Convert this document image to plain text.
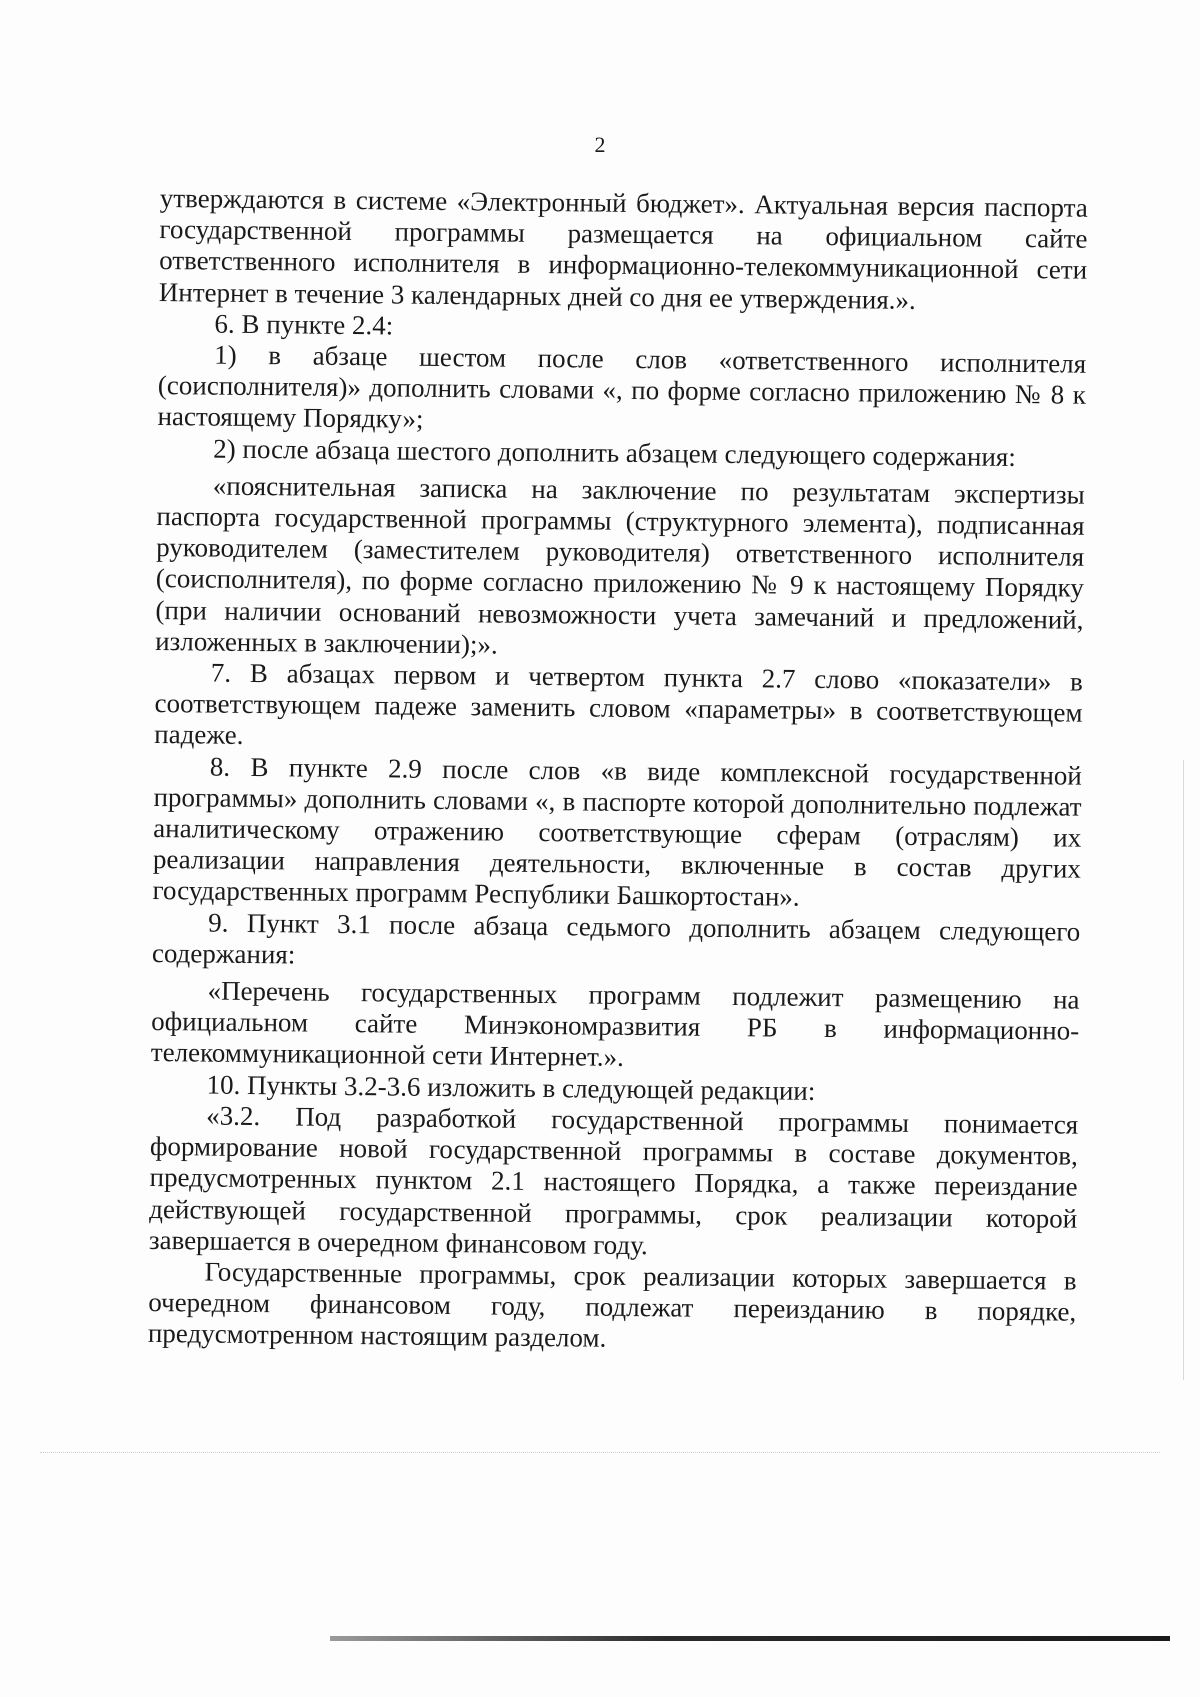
2

утверждаются в системе «Электронный бюджет». Актуальная версия паспорта государственной программы размещается на официальном сайте ответственного исполнителя в информационно-телекоммуникационной сети Интернет в течение 3 календарных дней со дня ее утверждения.».

6. В пункте 2.4:

1) в абзаце шестом после слов «ответственного исполнителя (соисполнителя)» дополнить словами «, по форме согласно приложению № 8 к настоящему Порядку»;

2) после абзаца шестого дополнить абзацем следующего содержания:

«пояснительная записка на заключение по результатам экспертизы паспорта государственной программы (структурного элемента), подписанная руководителем (заместителем руководителя) ответственного исполнителя (соисполнителя), по форме согласно приложению № 9 к настоящему Порядку (при наличии оснований невозможности учета замечаний и предложений, изложенных в заключении);».

7. В абзацах первом и четвертом пункта 2.7 слово «показатели» в соответствующем падеже заменить словом «параметры» в соответствующем падеже.

8. В пункте 2.9 после слов «в виде комплексной государственной программы» дополнить словами «, в паспорте которой дополнительно подлежат аналитическому отражению соответствующие сферам (отраслям) их реализации направления деятельности, включенные в состав других государственных программ Республики Башкортостан».

9. Пункт 3.1 после абзаца седьмого дополнить абзацем следующего содержания:

«Перечень государственных программ подлежит размещению на официальном сайте Минэкономразвития РБ в информационно-телекоммуникационной сети Интернет.».

10. Пункты 3.2-3.6 изложить в следующей редакции:

«3.2. Под разработкой государственной программы понимается формирование новой государственной программы в составе документов, предусмотренных пунктом 2.1 настоящего Порядка, а также переиздание действующей государственной программы, срок реализации которой завершается в очередном финансовом году.

Государственные программы, срок реализации которых завершается в очередном финансовом году, подлежат переизданию в порядке, предусмотренном настоящим разделом.
